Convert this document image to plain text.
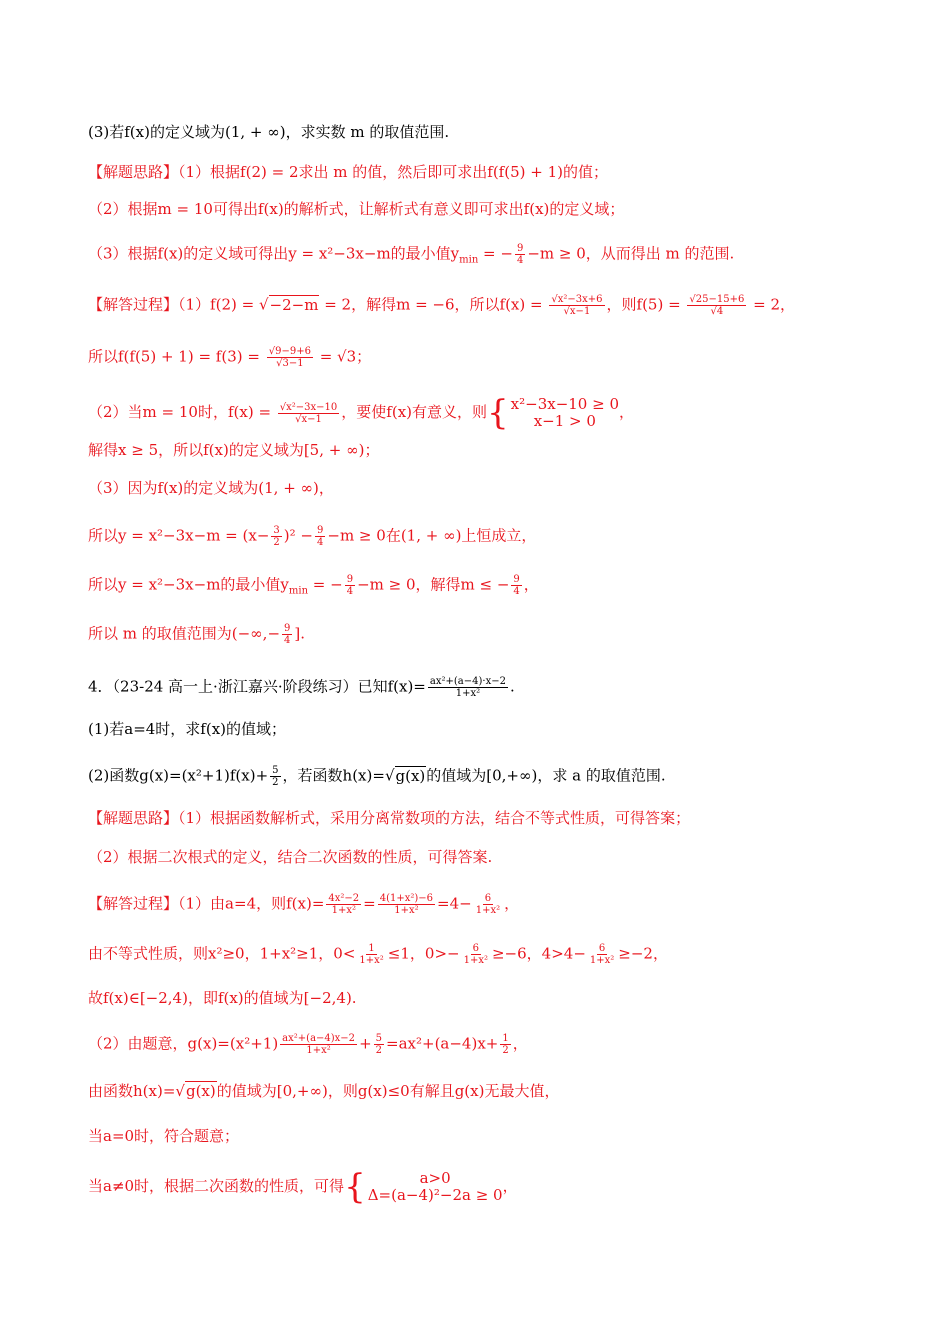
(3)若f(x)的定义域为(1, + ∞)，求实数 m 的取值范围.
【解题思路】（1）根据f(2) = 2求出 m 的值，然后即可求出f(f(5) + 1)的值；
（2）根据m = 10可得出f(x)的解析式，让解析式有意义即可求出f(x)的定义域；
（3）根据f(x)的定义域可得出y = x²−3x−m的最小值$y_{min}$ = − $\frac{9}{4} -m \ge 0$，从而得出 m 的范围.
【解答过程】（1）f(2) = √−2−m = 2，解得m = −6，所以$f(x) = \frac{\text{√x²−3x+6}}{√x-1}$ ，则$f(5) = \frac{√25-15+6}{√4} = 2$，
所以$f(f(5) + 1) = f(3) = \frac{√9-9+6}{√3-1} = √3$；
（2）当m = 10时，$f(x) = \frac{\text{√x²−3x−10}}{√x-1}$ ，要使f(x)有意义，则 { x²−3x−10 ≥ 0
x−1 > 0 ，
解得x ≥ 5，所以f(x)的定义域为[5, + ∞)；
（3）因为f(x)的定义域为(1, + ∞)，
所以$y = x^2-3x-m = (x- \frac{3}{2} )^2 - \frac{9}{4} -m \ge 0$在(1, + ∞)上恒成立，
所以y = x²−3x−m的最小值$y_{min}$ = − $\frac{9}{4} -m \ge 0$，解得m ≤ − $\frac{9}{4}$ ，
所以 m 的取值范围为(−∞,− $\frac{9}{4}$ ].
4．（23-24 高一上·浙江嘉兴·阶段练习）已知$f(x)= \frac{\text{ax²+(a−4)·x−2}}{\text{1+x²}}$ .
(1)若a=4时，求f(x)的值域；
(2)函数$g(x)=(x^2+1)f(x)+ \frac{5}{2}$ ，若函数h(x)=√g(x)的值域为[0,+∞)，求 a 的取值范围.
【解题思路】（1）根据函数解析式，采用分离常数项的方法，结合不等式性质，可得答案；
（2）根据二次根式的定义，结合二次函数的性质，可得答案.
【解答过程】（1）由a=4，则$f(x)= \frac{\text{4x²−2}}{\text{1+x²}} = \frac{\text{4(1+x²)−6}}{\text{1+x²}} =4- \frac{6}{\text{1+x²}}$ ，
由不等式性质，则x²≥0，1+x²≥1，$0< \frac{1}{\text{1+x²}} \le 1$，$0>- \frac{6}{\text{1+x²}} \ge-6$，$4>4- \frac{6}{\text{1+x²}} \ge-2$，
故f(x)∈[−2,4)，即f(x)的值域为[−2,4).
（2）由题意，$g(x)=(x^2+1) \frac{\text{ax²+(a−4)x−2}}{\text{1+x²}} + \frac{5}{2} =ax^2+(a-4)x+ \frac{1}{2}$ ，
由函数h(x)=√g(x)的值域为[0,+∞)，则g(x)≤0有解且g(x)无最大值，
当a=0时，符合题意；
当a≠0时，根据二次函数的性质，可得 {	a>0
Δ=(a−4)²−2a ≥ 0 ，
